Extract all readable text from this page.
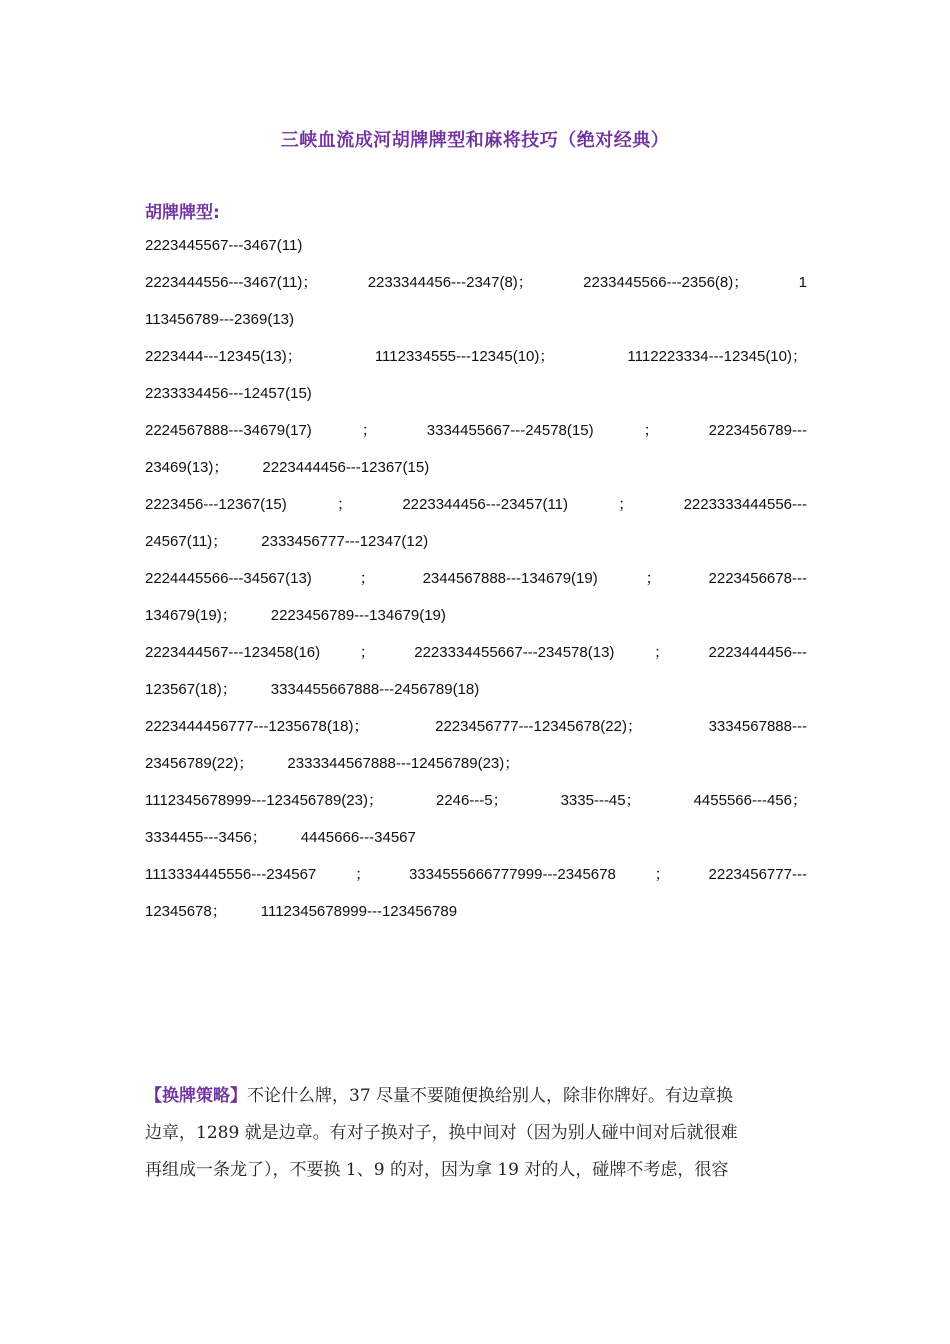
三峡血流成河胡牌牌型和麻将技巧（绝对经典）
胡牌牌型:
2223445567---3467(11)
2223444556---3467(11)；	2233344456---2347(8)；	2233445566---2356(8)；	1
113456789---2369(13)
2223444---12345(13)；	1112334555---12345(10)；	1112223334---12345(10)；
2233334456---12457(15)
2224567888---34679(17)	；	3334455667---24578(15)	；	2223456789---
23469(13)； 2223444456---12367(15)
2223456---12367(15)	；	2223344456---23457(11)	；	2223333444556---
24567(11)； 2333456777---12347(12)
2224445566---34567(13)	；	2344567888---134679(19)	；	2223456678---
134679(19)； 2223456789---134679(19)
2223444567---123458(16)	；	2223334455667---234578(13)	；	2223444456---
123567(18)； 3334455667888---2456789(18)
2223444456777---1235678(18)；	2223456777---12345678(22)；	3334567888---
23456789(22)； 2333344567888---12456789(23)；
1112345678999---123456789(23)；	2246---5；	3335---45；	4455566---456；
3334455---3456； 4445666---34567
1113334445556---234567	；	3334555666777999---2345678	；	2223456777---
12345678； 1112345678999---123456789
【换牌策略】不论什么牌，37 尽量不要随便换给别人，除非你牌好。有边章换
边章，1289 就是边章。有对子换对子，换中间对（因为别人碰中间对后就很难
再组成一条龙了），不要换 1、9 的对，因为拿 19 对的人，碰牌不考虑，很容
